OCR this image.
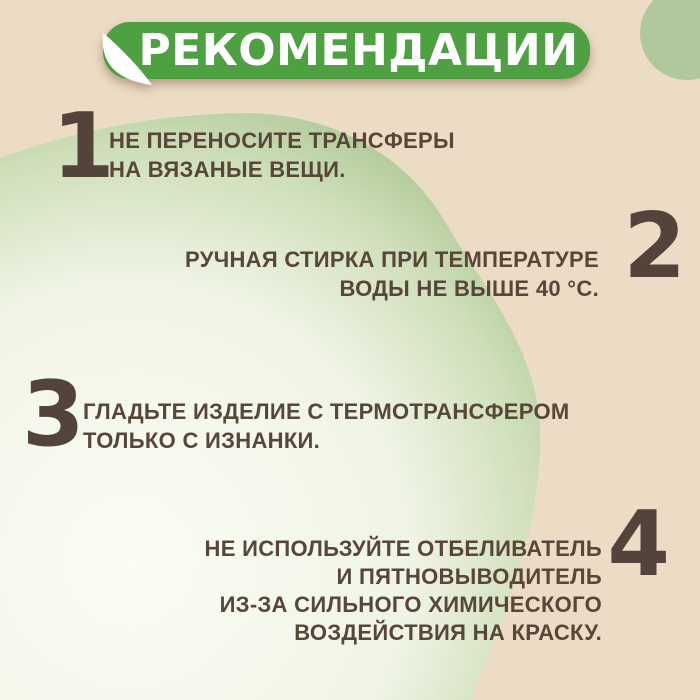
РЕКОМЕНДАЦИИ
1
НЕ ПЕРЕНОСИТЕ ТРАНСФЕРЫ
НА ВЯЗАНЫЕ ВЕЩИ.
2
РУЧНАЯ СТИРКА ПРИ ТЕМПЕРАТУРЕ
ВОДЫ НЕ ВЫШЕ 40 °C.
3
ГЛАДЬТЕ ИЗДЕЛИЕ С ТЕРМОТРАНСФЕРОМ
ТОЛЬКО С ИЗНАНКИ.
4
НЕ ИСПОЛЬЗУЙТЕ ОТБЕЛИВАТЕЛЬ
И ПЯТНОВЫВОДИТЕЛЬ
ИЗ-ЗА СИЛЬНОГО ХИМИЧЕСКОГО
ВОЗДЕЙСТВИЯ НА КРАСКУ.
